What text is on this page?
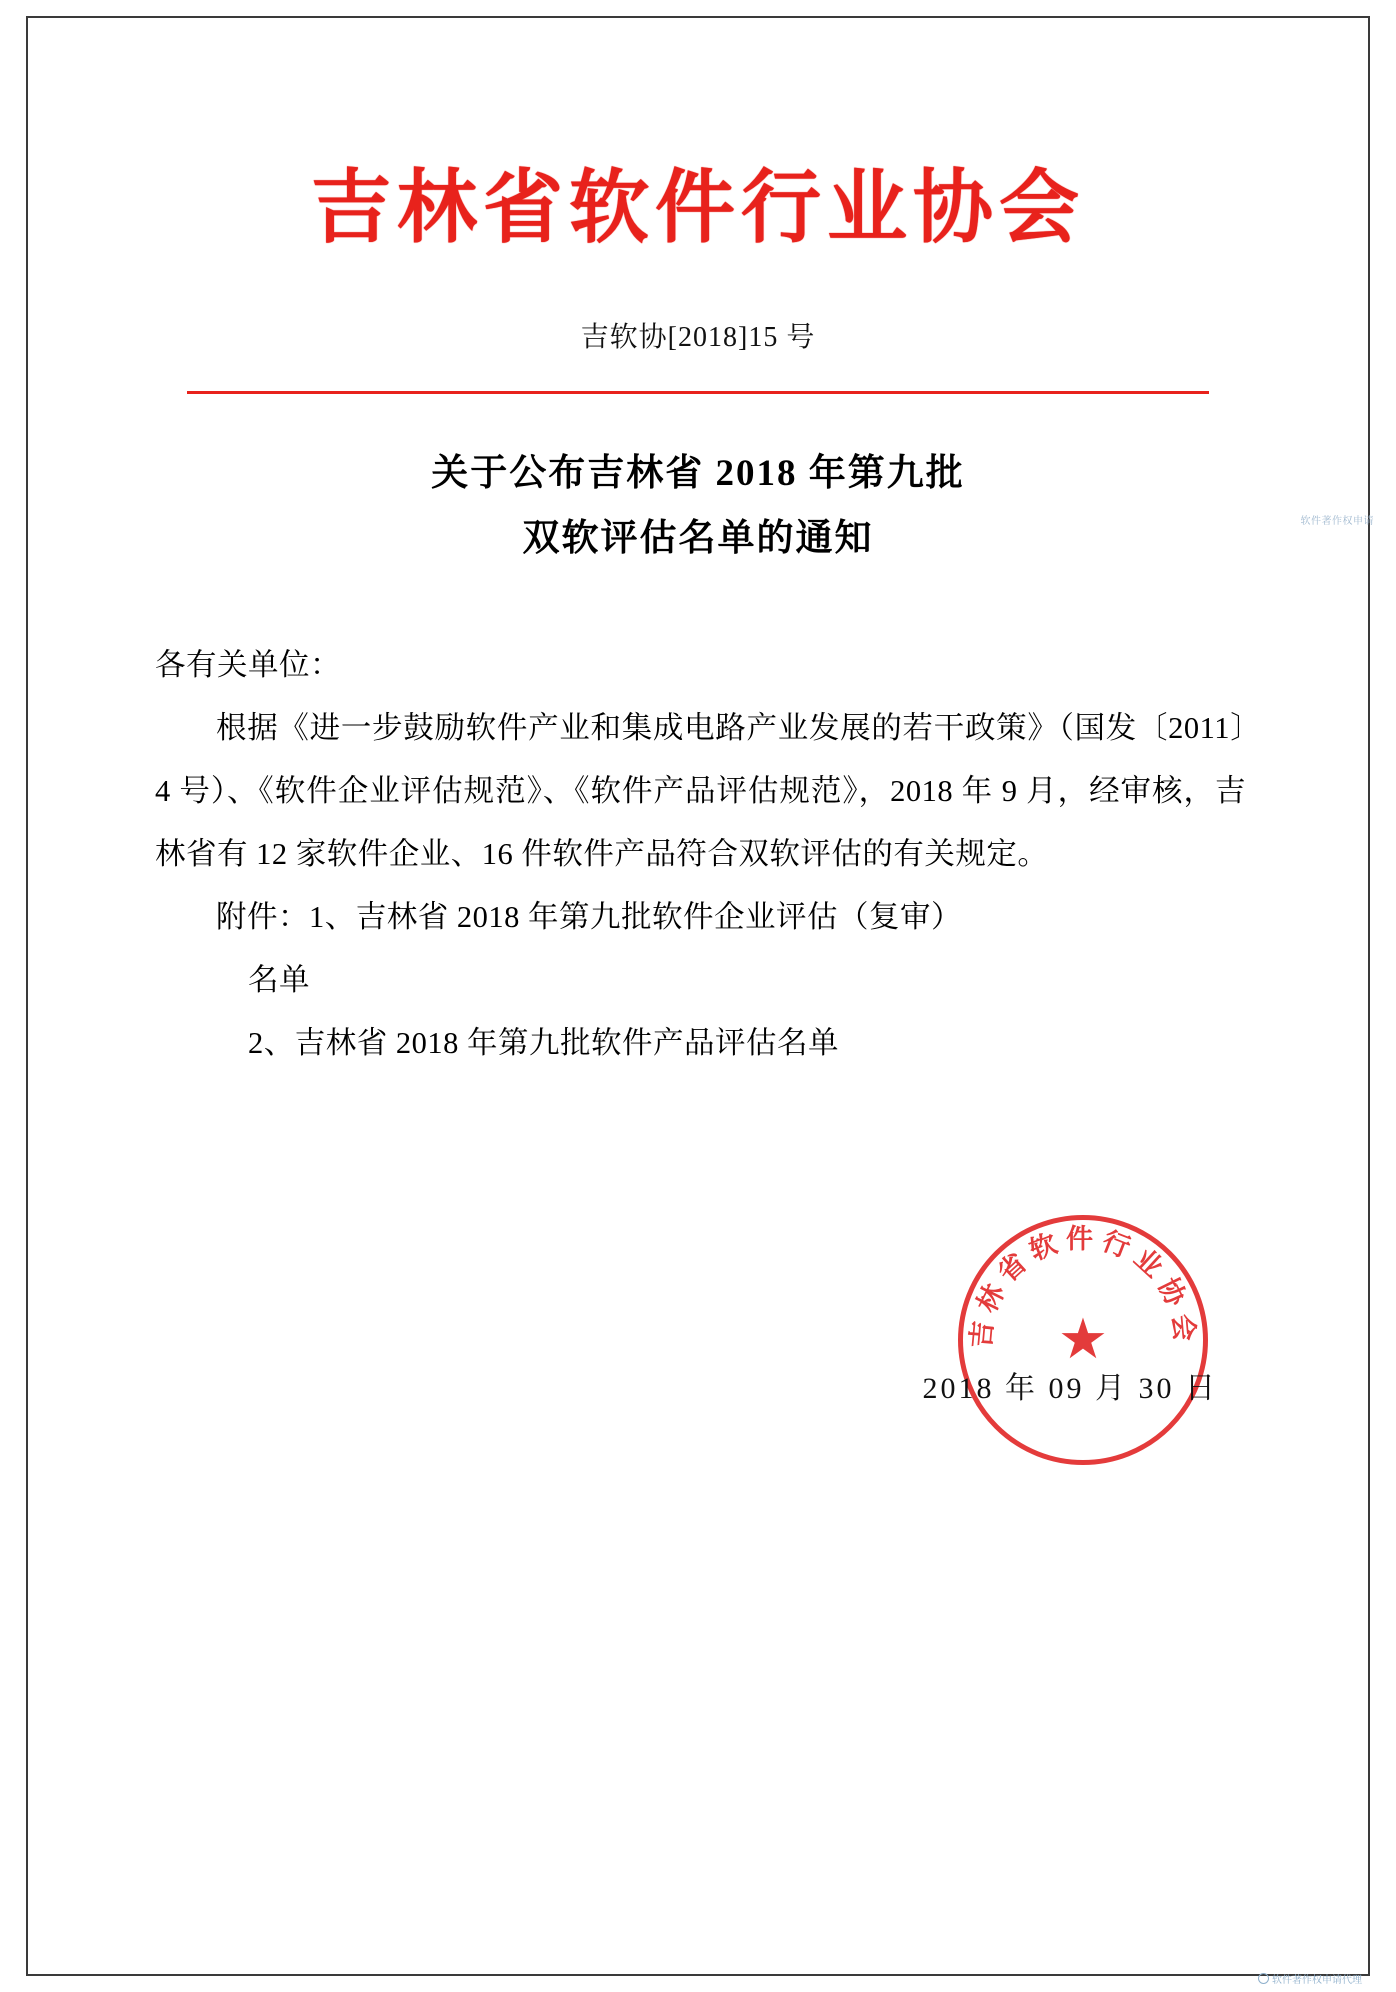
吉林省软件行业协会
吉软协[2018]15 号
关于公布吉林省 2018 年第九批
双软评估名单的通知

各有关单位：

根据《进一步鼓励软件产业和集成电路产业发展的若干政策》（国发〔2011〕4 号）、《软件企业评估规范》、《软件产品评估规范》，2018 年 9 月，经审核，吉林省有 12 家软件企业、16 件软件产品符合双软评估的有关规定。

附件：1、吉林省 2018 年第九批软件企业评估（复审）

名单

2、吉林省 2018 年第九批软件产品评估名单

吉林省软件行业协会
★
2018 年 09 月 30 日
软件著作权申请
软件著作权申请代理
